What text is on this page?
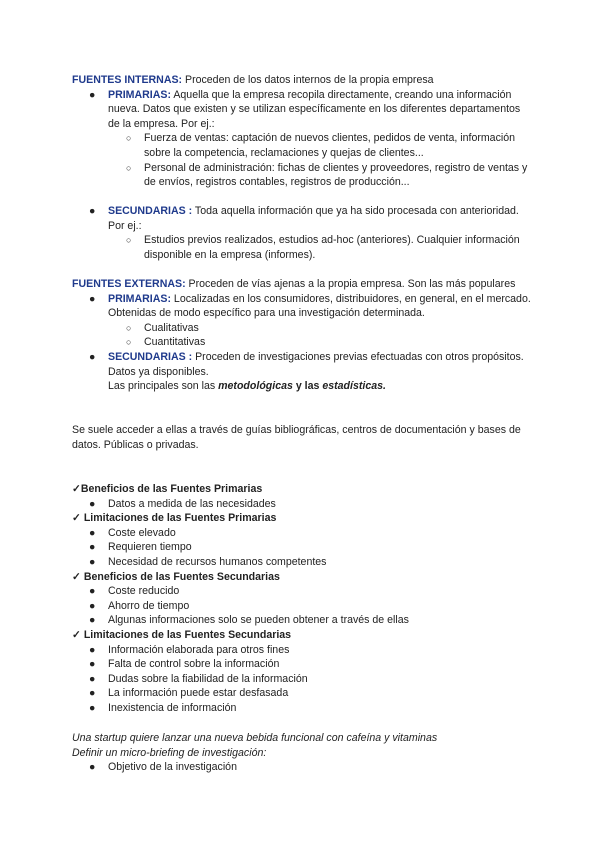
FUENTES INTERNAS: Proceden de los datos internos de la propia empresa

● PRIMARIAS: Aquella que la empresa recopila directamente, creando una información nueva. Datos que existen y se utilizan específicamente en los diferentes departamentos de la empresa. Por ej.:
○ Fuerza de ventas: captación de nuevos clientes, pedidos de venta, información sobre la competencia, reclamaciones y quejas de clientes...
○ Personal de administración: fichas de clientes y proveedores, registro de ventas y de envíos, registros contables, registros de producción...
● SECUNDARIAS : Toda aquella información que ya ha sido procesada con anterioridad. Por ej.:
○ Estudios previos realizados, estudios ad-hoc (anteriores). Cualquier información disponible en la empresa (informes).

FUENTES EXTERNAS: Proceden de vías ajenas a la propia empresa. Son las más populares

● PRIMARIAS: Localizadas en los consumidores, distribuidores, en general, en el mercado. Obtenidas de modo específico para una investigación determinada.
○ Cualitativas
○ Cuantitativas
● SECUNDARIAS : Proceden de investigaciones previas efectuadas con otros propósitos. Datos ya disponibles.
Las principales son las metodológicas y las estadísticas.

Se suele acceder a ellas a través de guías bibliográficas, centros de documentación y bases de datos. Públicas o privadas.

✓Beneficios de las Fuentes Primarias

● Datos a medida de las necesidades

✓ Limitaciones de las Fuentes Primarias

● Coste elevado
● Requieren tiempo
● Necesidad de recursos humanos competentes

✓ Beneficios de las Fuentes Secundarias

● Coste reducido
● Ahorro de tiempo
● Algunas informaciones solo se pueden obtener a través de ellas

✓ Limitaciones de las Fuentes Secundarias

● Información elaborada para otros fines
● Falta de control sobre la información
● Dudas sobre la fiabilidad de la información
● La información puede estar desfasada
● Inexistencia de información

Una startup quiere lanzar una nueva bebida funcional con cafeína y vitaminas

Definir un micro-briefing de investigación:

● Objetivo de la investigación
